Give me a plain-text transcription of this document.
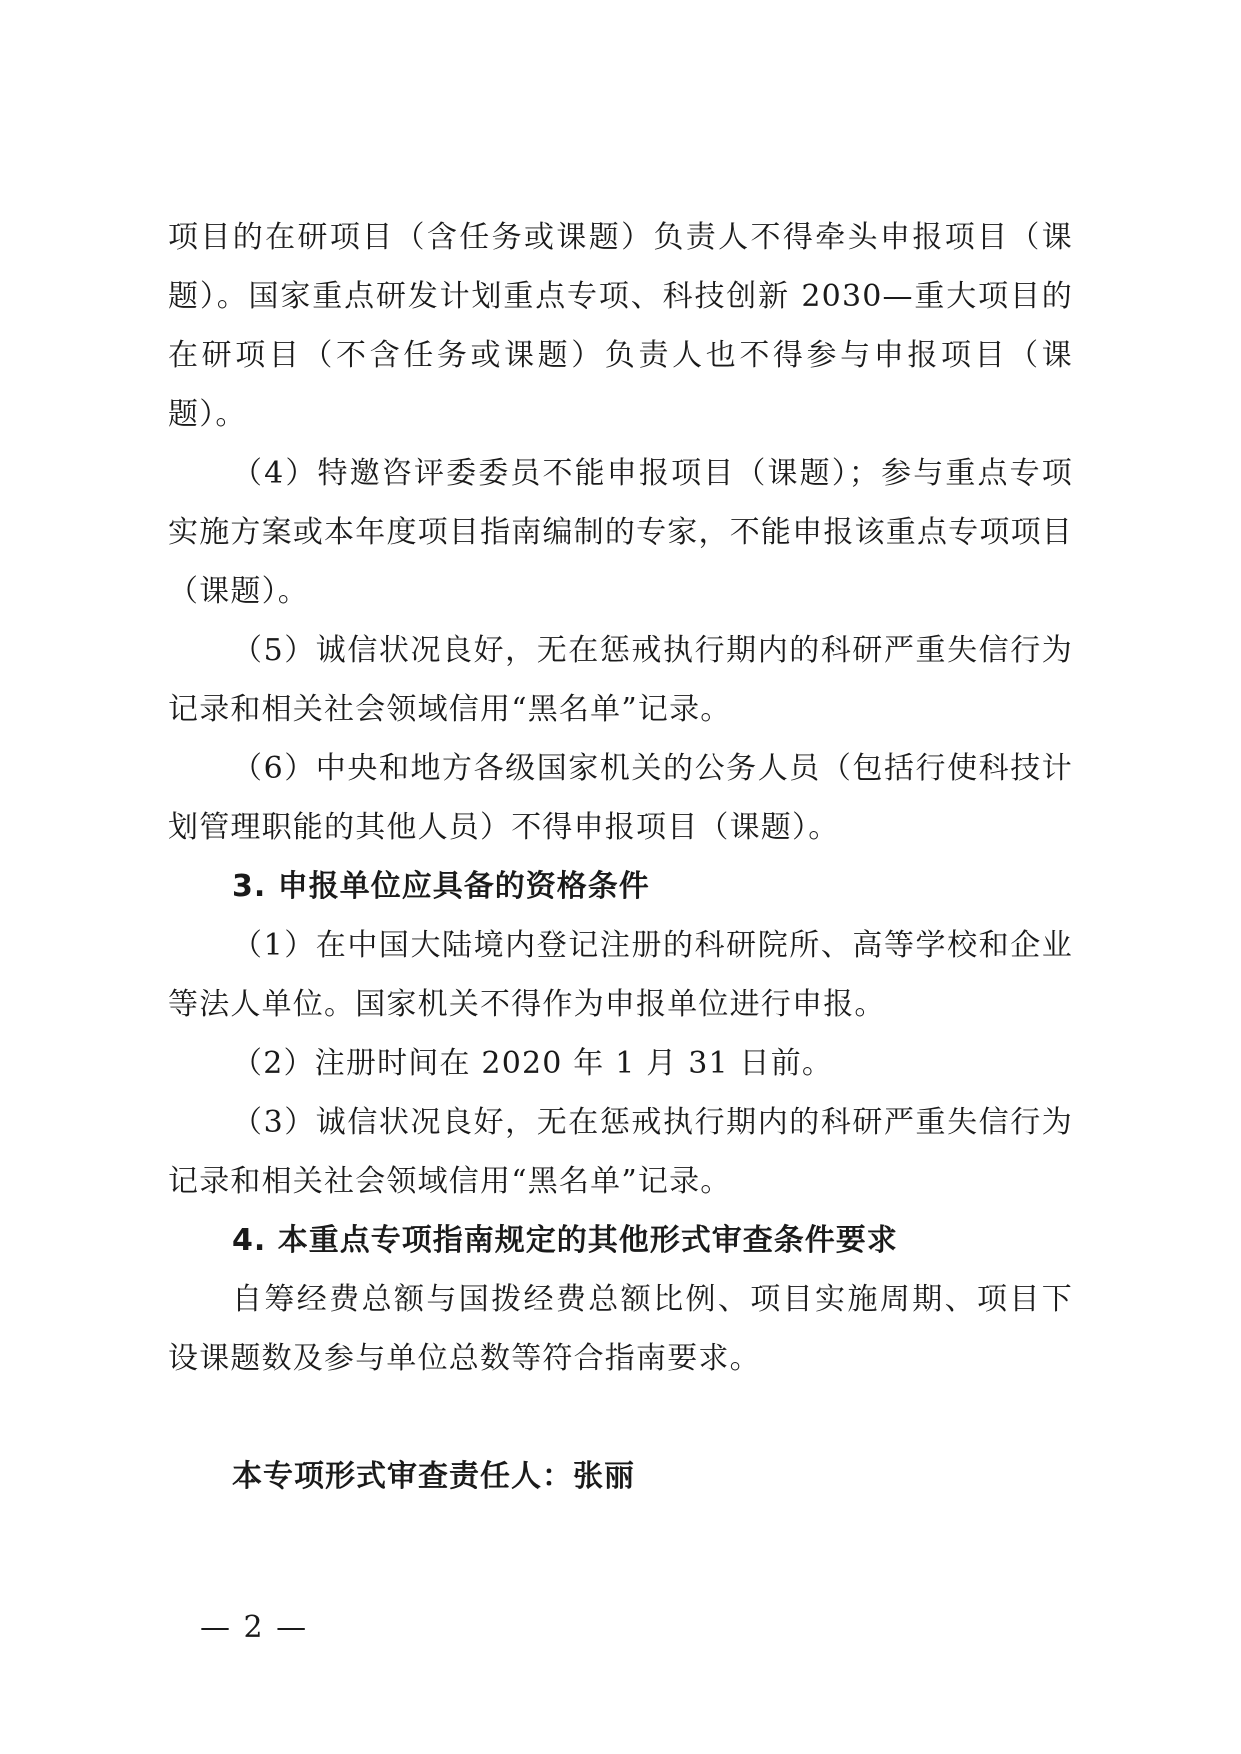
项目的在研项目（含任务或课题）负责人不得牵头申报项目（课题）。国家重点研发计划重点专项、科技创新 2030—重大项目的在研项目（不含任务或课题）负责人也不得参与申报项目（课题）。

（4）特邀咨评委委员不能申报项目（课题）；参与重点专项实施方案或本年度项目指南编制的专家，不能申报该重点专项项目（课题）。

（5）诚信状况良好，无在惩戒执行期内的科研严重失信行为记录和相关社会领域信用“黑名单”记录。

（6）中央和地方各级国家机关的公务人员（包括行使科技计划管理职能的其他人员）不得申报项目（课题）。

3. 申报单位应具备的资格条件

（1）在中国大陆境内登记注册的科研院所、高等学校和企业等法人单位。国家机关不得作为申报单位进行申报。

（2）注册时间在 2020 年 1 月 31 日前。

（3）诚信状况良好，无在惩戒执行期内的科研严重失信行为记录和相关社会领域信用“黑名单”记录。

4. 本重点专项指南规定的其他形式审查条件要求

自筹经费总额与国拨经费总额比例、项目实施周期、项目下设课题数及参与单位总数等符合指南要求。

本专项形式审查责任人：张丽

— 2 —
